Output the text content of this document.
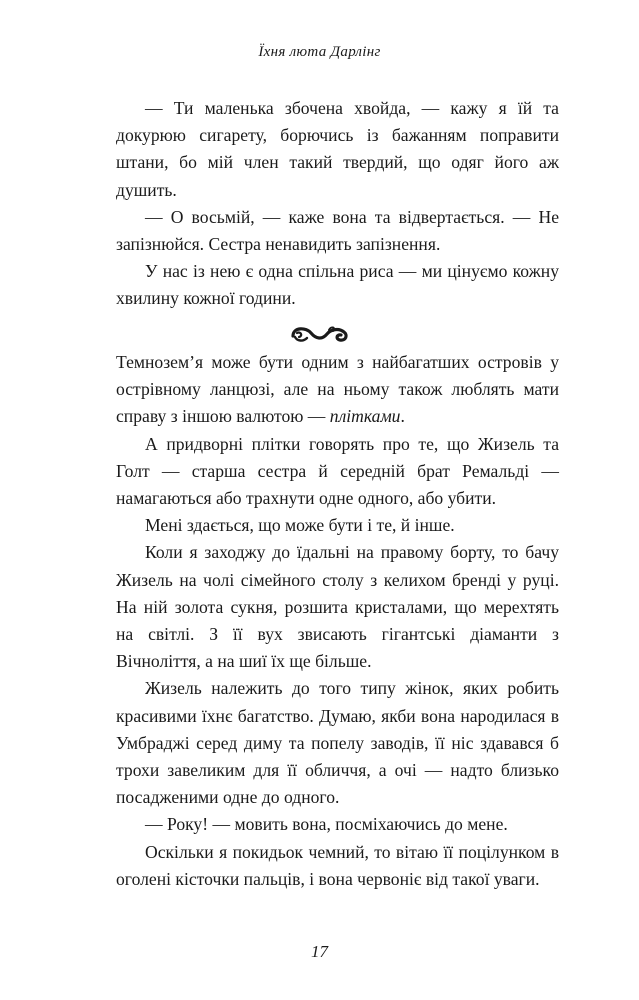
Їхня люта Дарлінг

— Ти маленька збочена хвойда, — кажу я їй та докурюю сигарету, борючись із бажанням поправити штани, бо мій член такий твердий, що одяг його аж душить.

— О восьмій, — каже вона та відвертається. — Не запізнюйся. Сестра ненавидить запізнення.

У нас із нею є одна спільна риса — ми цінуємо кожну хвилину кожної години.

Темноземʼя може бути одним з найбагатших островів у острівному ланцюзі, але на ньому також люблять мати справу з іншою валютою — плітками.

А придворні плітки говорять про те, що Жизель та Голт — старша сестра й середній брат Ремальді — намагаються або трахнути одне одного, або убити.

Мені здається, що може бути і те, й інше.

Коли я заходжу до їдальні на правому борту, то бачу Жизель на чолі сімейного столу з келихом бренді у руці. На ній золота сукня, розшита кристалами, що мерехтять на світлі. З її вух звисають гігантські діаманти з Вічноліття, а на шиї їх ще більше.

Жизель належить до того типу жінок, яких робить красивими їхнє багатство. Думаю, якби вона народилася в Умбраджі серед диму та попелу заводів, її ніс здавався б трохи завеликим для її обличчя, а очі — надто близько посадженими одне до одного.

— Року! — мовить вона, посміхаючись до мене.

Оскільки я покидьок чемний, то вітаю її поцілунком в оголені кісточки пальців, і вона червоніє від такої уваги.

17
